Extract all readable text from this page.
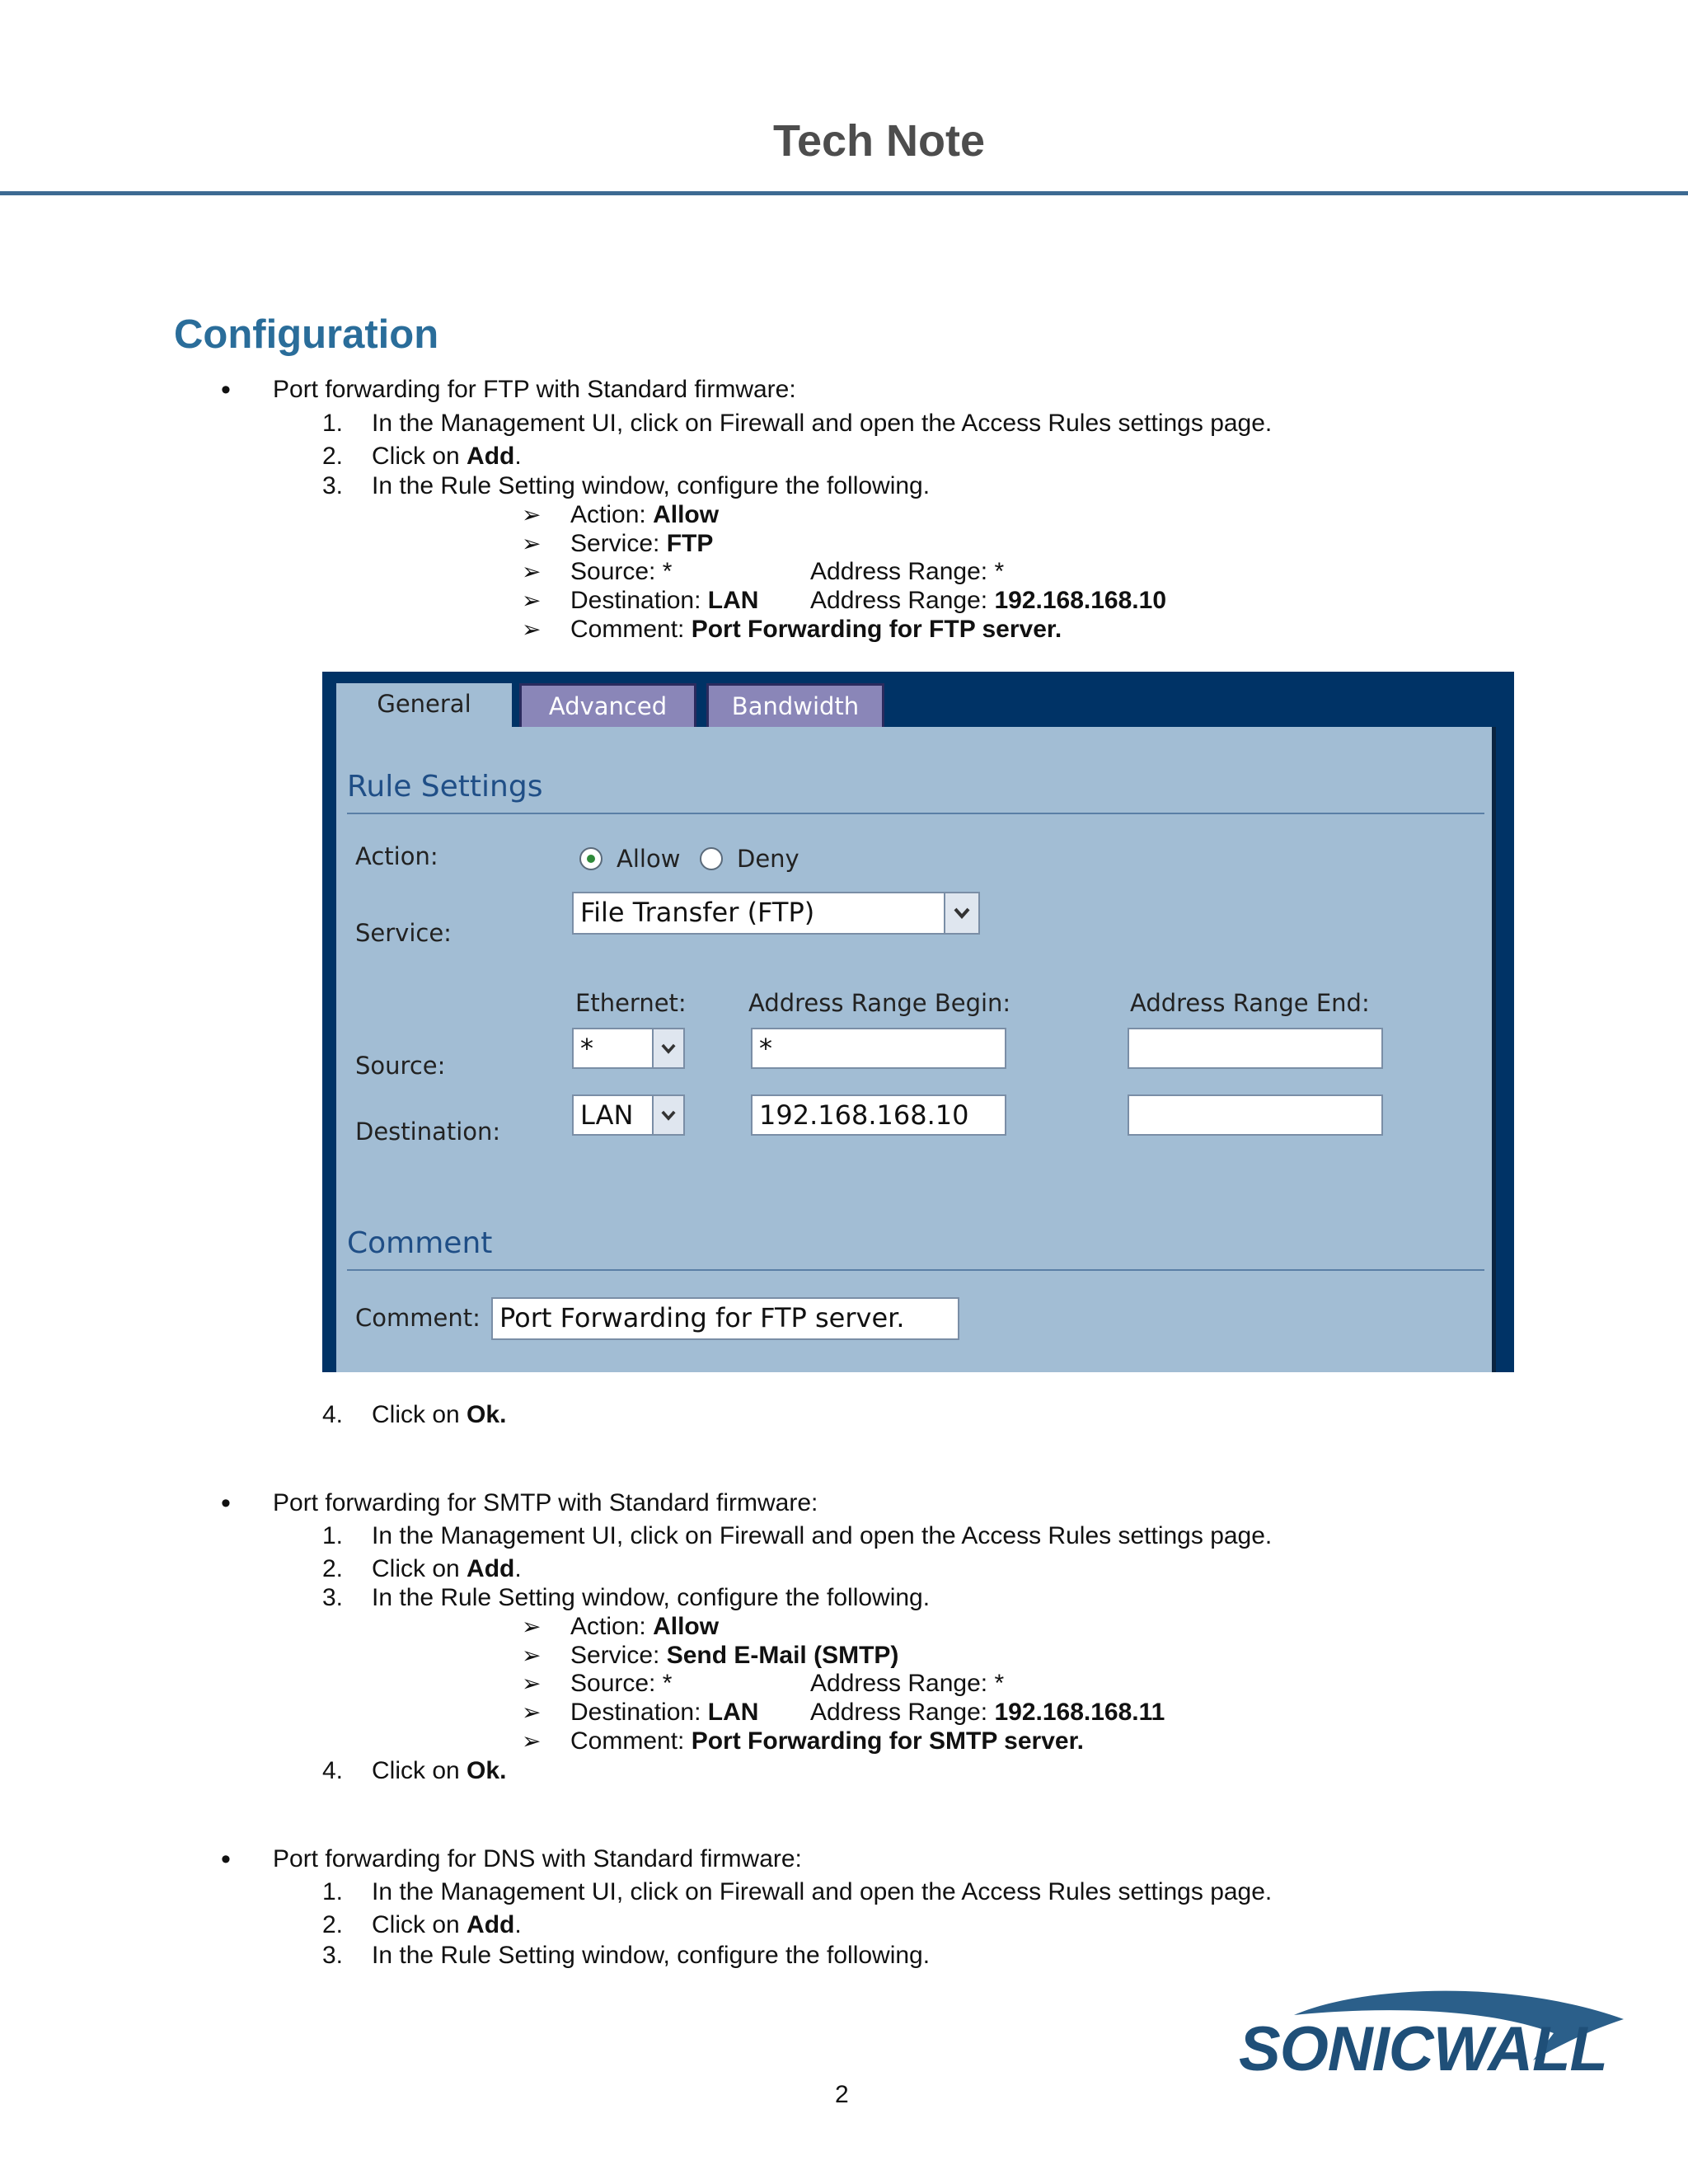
Tech Note
Configuration
• Port forwarding for FTP with Standard firmware:
1. In the Management UI, click on Firewall and open the Access Rules settings page.
2. Click on Add.
3. In the Rule Setting window, configure the following.
➢ Action: Allow
➢ Service: FTP
➢ Source: *	Address Range: *
➢ Destination: LAN Address Range: 192.168.168.10
➢ Comment: Port Forwarding for FTP server.
General	Advanced	Bandwidth
Rule Settings
Action:	Allow Deny
Service:
File Transfer (FTP)
Ethernet:	Address Range Begin:	Address Range End:
Source:
*	*
Destination:
LAN	192.168.168.10
Comment
Comment: Port Forwarding for FTP server.
4. Click on Ok.
• Port forwarding for SMTP with Standard firmware:
1. In the Management UI, click on Firewall and open the Access Rules settings page.
2. Click on Add.
3. In the Rule Setting window, configure the following.
➢ Action: Allow
➢ Service: Send E-Mail (SMTP)
➢ Source: *	Address Range: *
➢ Destination: LAN Address Range: 192.168.168.11
➢ Comment: Port Forwarding for SMTP server.
4. Click on Ok.
• Port forwarding for DNS with Standard firmware:
1. In the Management UI, click on Firewall and open the Access Rules settings page.
2. Click on Add.
3. In the Rule Setting window, configure the following.
2
SONICWALL
